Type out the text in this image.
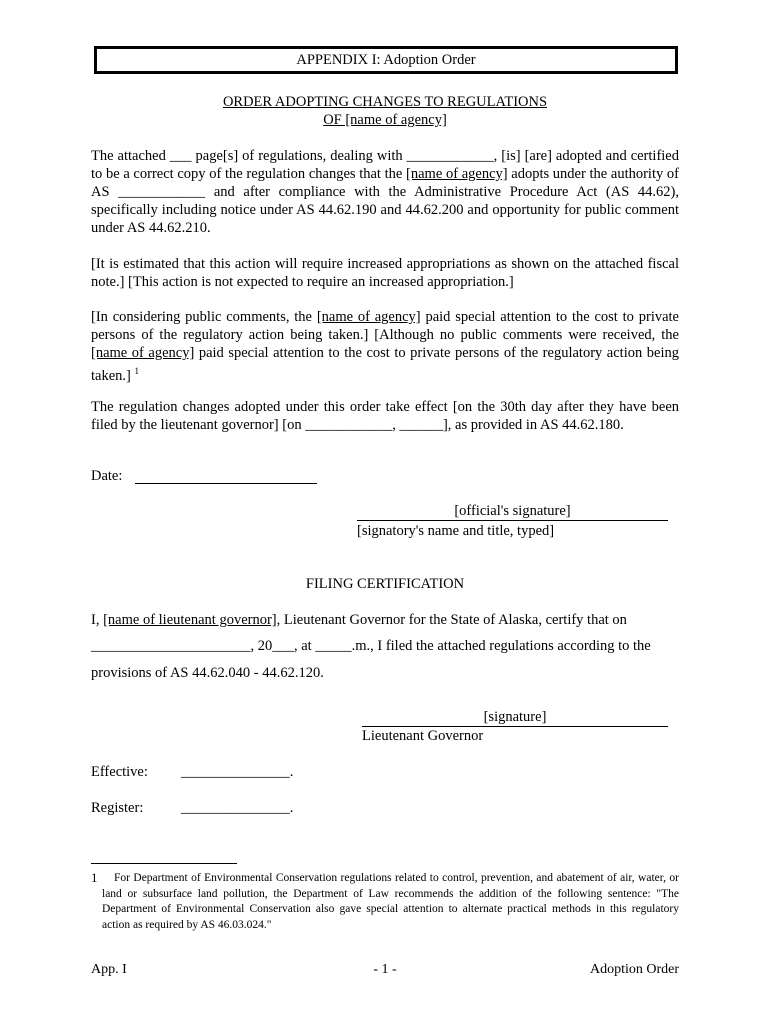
APPENDIX I: Adoption Order
ORDER ADOPTING CHANGES TO REGULATIONS
OF [name of agency]
The attached ___ page[s] of regulations, dealing with ____________, [is] [are] adopted and certified to be a correct copy of the regulation changes that the [name of agency] adopts under the authority of AS ____________ and after compliance with the Administrative Procedure Act (AS 44.62), specifically including notice under AS 44.62.190 and 44.62.200 and opportunity for public comment under AS 44.62.210.
[It is estimated that this action will require increased appropriations as shown on the attached fiscal note.] [This action is not expected to require an increased appropriation.]
[In considering public comments, the [name of agency] paid special attention to the cost to private persons of the regulatory action being taken.] [Although no public comments were received, the [name of agency] paid special attention to the cost to private persons of the regulatory action being taken.] $^1$
The regulation changes adopted under this order take effect [on the 30th day after they have been filed by the lieutenant governor] [on ____________, ______], as provided in AS 44.62.180.
Date:
[official's signature]
[signatory's name and title, typed]
FILING CERTIFICATION
I, [name of lieutenant governor], Lieutenant Governor for the State of Alaska, certify that on
______________________, 20___, at _____.m., I filed the attached regulations according to the
provisions of AS 44.62.040 - 44.62.120.
[signature]
Lieutenant Governor
Effective: _______________.
Register:	_______________.
1	For Department of Environmental Conservation regulations related to control, prevention, and abatement of air, water, or land or subsurface land pollution, the Department of Law recommends the addition of the following sentence: "The Department of Environmental Conservation also gave special attention to alternate practical methods in this regulatory action as required by AS 46.03.024."
App. I	- 1 -	Adoption Order
